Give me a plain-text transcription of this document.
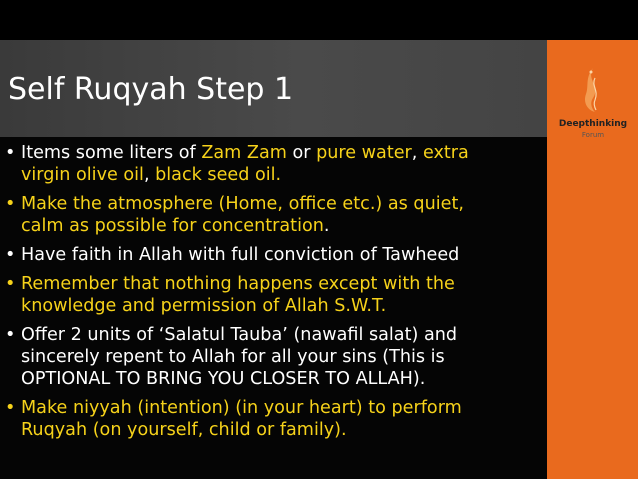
Self Ruqyah Step 1
• Items some liters of Zam Zam or pure water, extra
virgin olive oil, black seed oil.
• Make the atmosphere (Home, office etc.) as quiet,
calm as possible for concentration.
• Have faith in Allah with full conviction of Tawheed
• Remember that nothing happens except with the
knowledge and permission of Allah S.W.T.
• Offer 2 units of ‘Salatul Tauba’ (nawafil salat) and
sincerely repent to Allah for all your sins (This is
OPTIONAL TO BRING YOU CLOSER TO ALLAH).
• Make niyyah (intention) (in your heart) to perform
Ruqyah (on yourself, child or family).
Deepthinking
Forum
